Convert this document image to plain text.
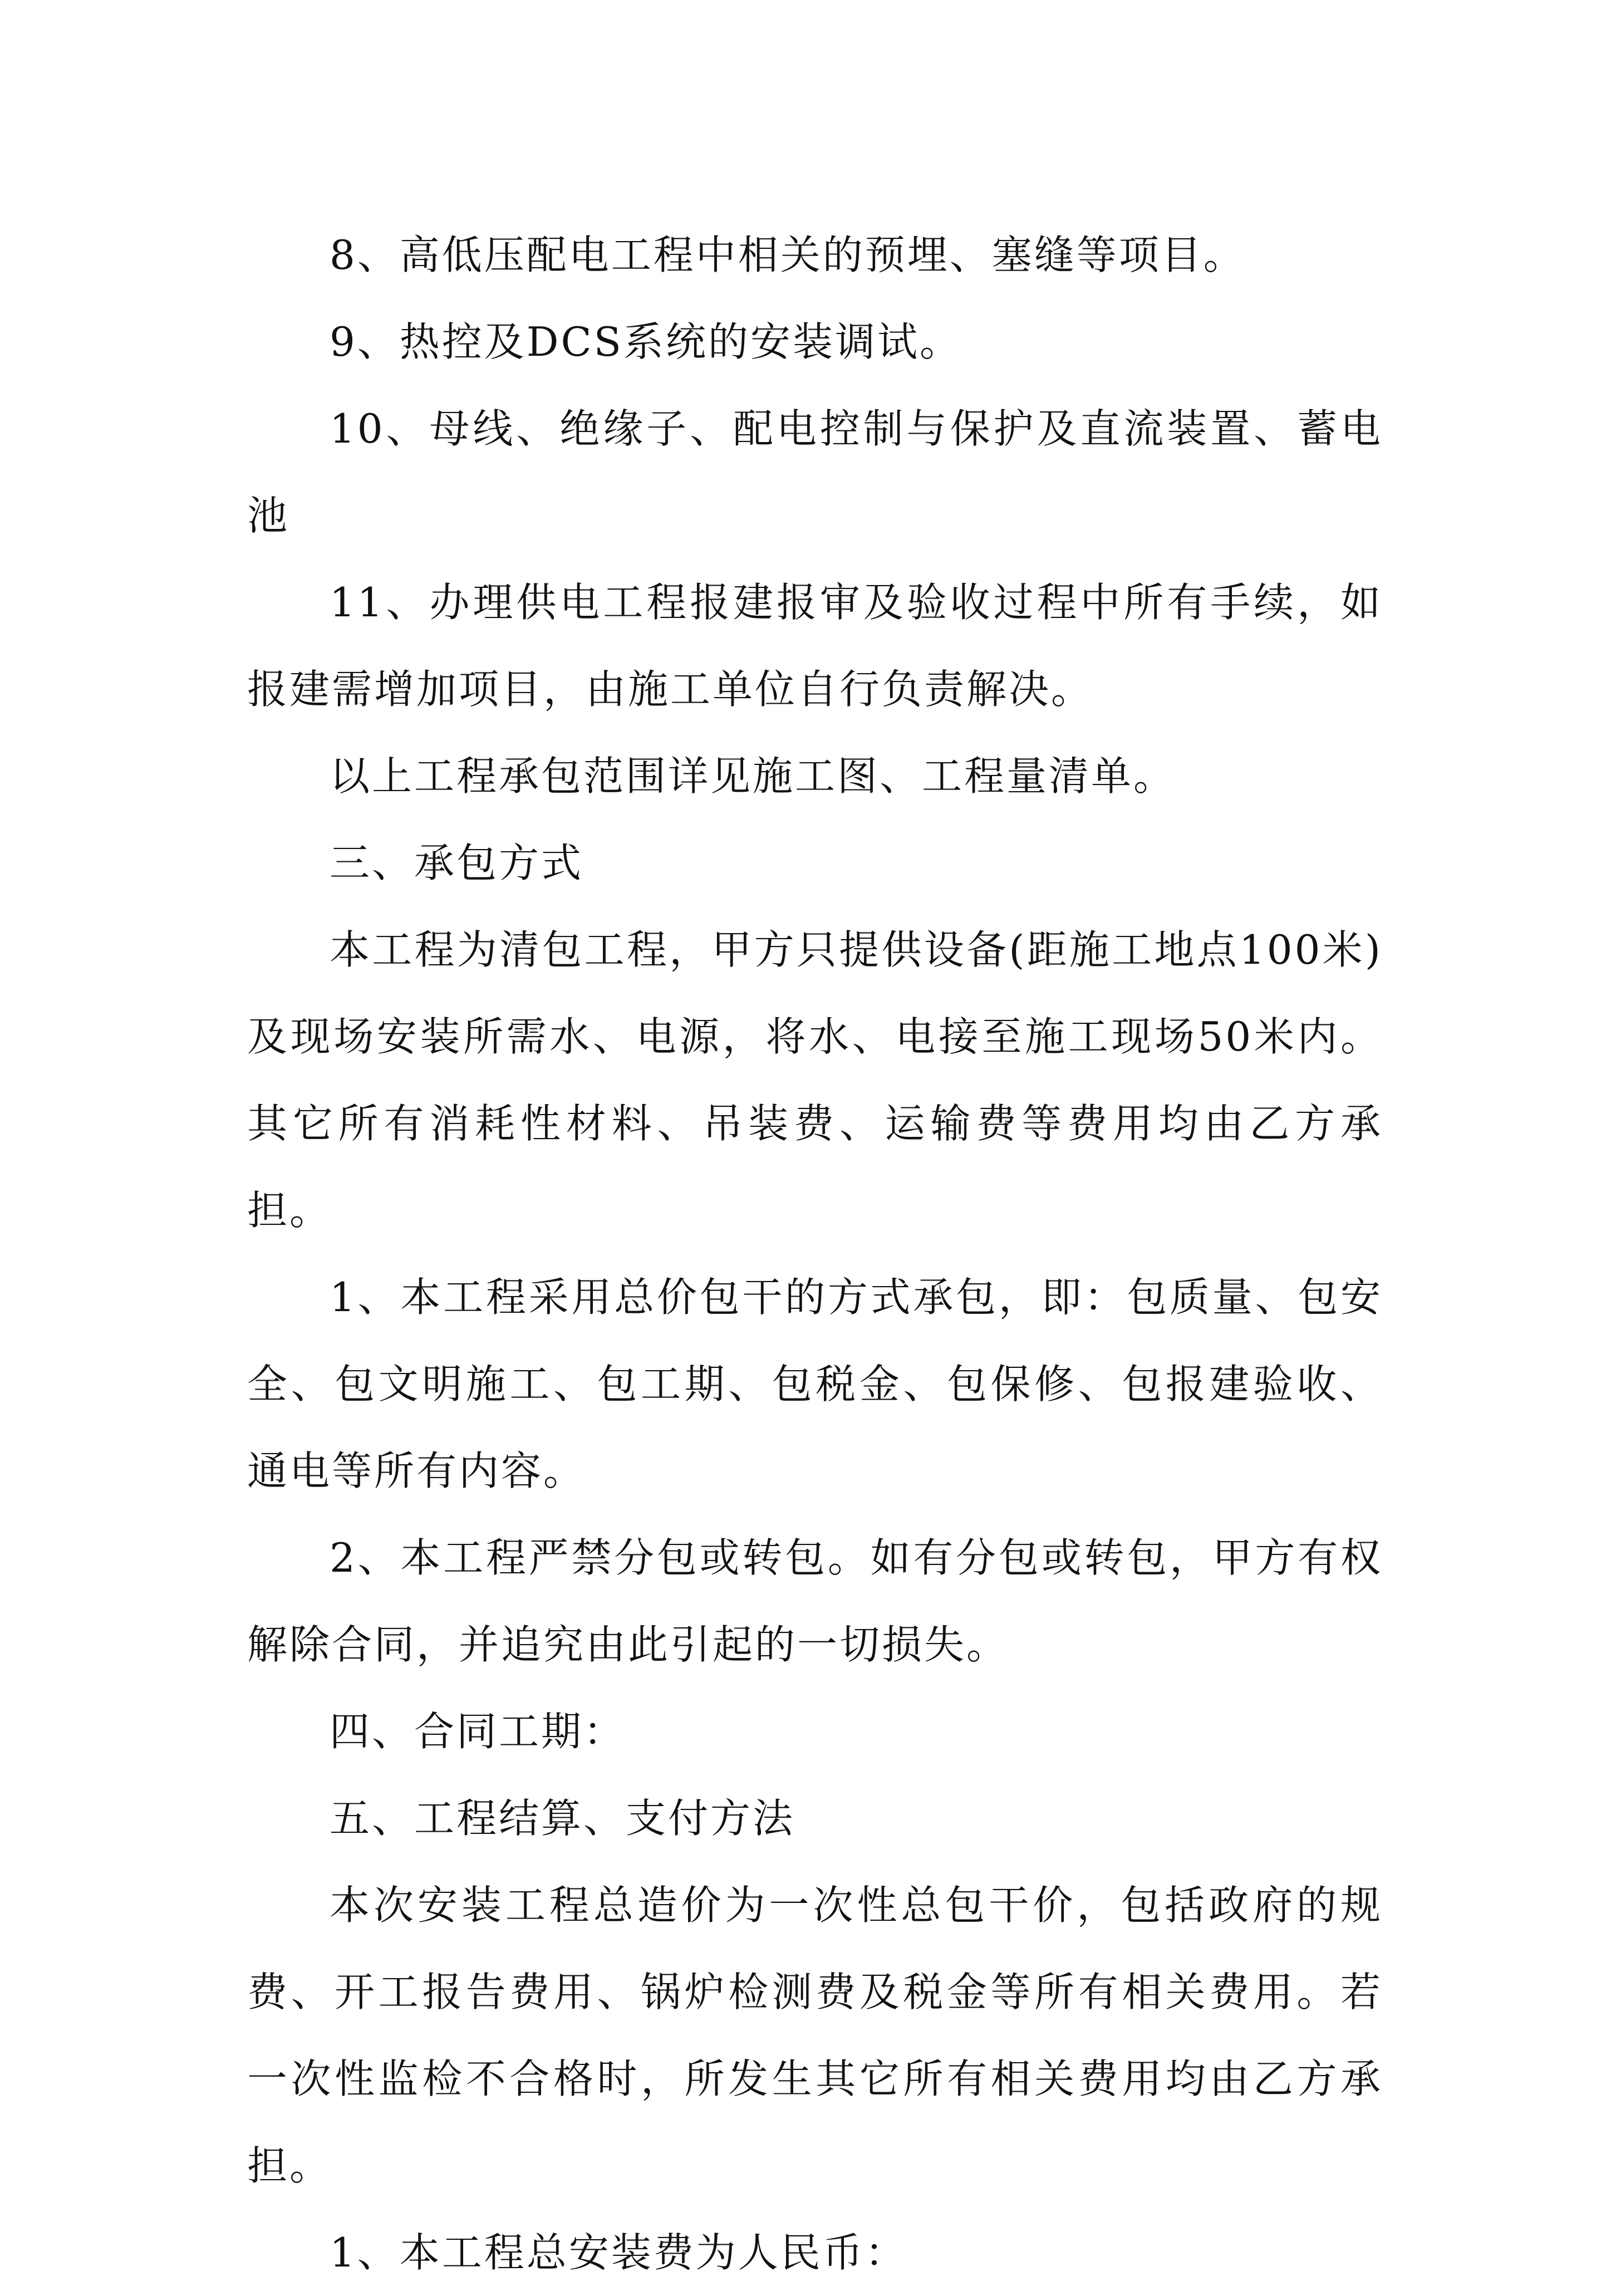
8、高低压配电工程中相关的预埋、塞缝等项目。

9、热控及DCS系统的安装调试。

10、母线、绝缘子、配电控制与保护及直流装置、蓄电池

11、办理供电工程报建报审及验收过程中所有手续，如报建需增加项目，由施工单位自行负责解决。

以上工程承包范围详见施工图、工程量清单。

三、承包方式

本工程为清包工程，甲方只提供设备(距施工地点100米)及现场安装所需水、电源，将水、电接至施工现场50米内。其它所有消耗性材料、吊装费、运输费等费用均由乙方承担。

1、本工程采用总价包干的方式承包，即：包质量、包安全、包文明施工、包工期、包税金、包保修、包报建验收、通电等所有内容。

2、本工程严禁分包或转包。如有分包或转包，甲方有权解除合同，并追究由此引起的一切损失。

四、合同工期：

五、工程结算、支付方法

本次安装工程总造价为一次性总包干价，包括政府的规费、开工报告费用、锅炉检测费及税金等所有相关费用。若一次性监检不合格时，所发生其它所有相关费用均由乙方承担。

1、本工程总安装费为人民币：
